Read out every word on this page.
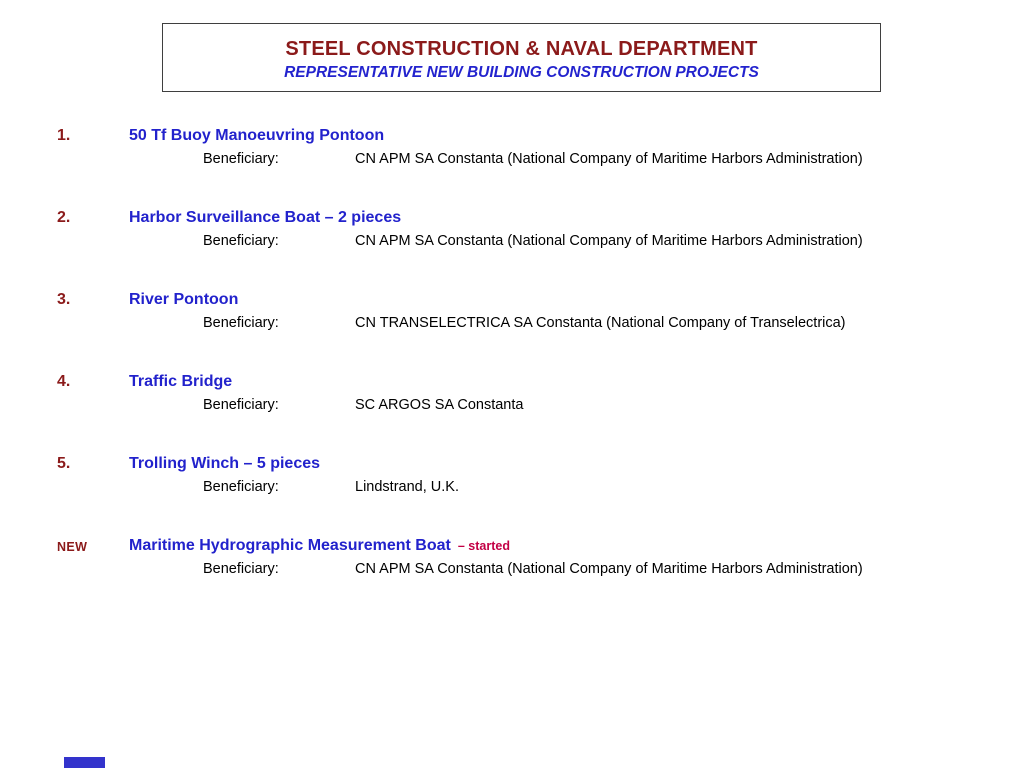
STEEL CONSTRUCTION & NAVAL DEPARTMENT
REPRESENTATIVE NEW BUILDING CONSTRUCTION PROJECTS
1.	50 Tf Buoy Manoeuvring Pontoon
Beneficiary:	CN APM SA Constanta (National Company of Maritime Harbors Administration)
2.	Harbor Surveillance Boat – 2 pieces
Beneficiary:	CN APM SA Constanta (National Company of Maritime Harbors Administration)
3.	River Pontoon
Beneficiary:	CN TRANSELECTRICA SA Constanta (National Company of Transelectrica)
4.	Traffic Bridge
Beneficiary:	SC ARGOS SA Constanta
5.	Trolling Winch – 5 pieces
Beneficiary:	Lindstrand, U.K.
NEW	Maritime Hydrographic Measurement Boat – started
Beneficiary:	CN APM SA Constanta (National Company of Maritime Harbors Administration)
